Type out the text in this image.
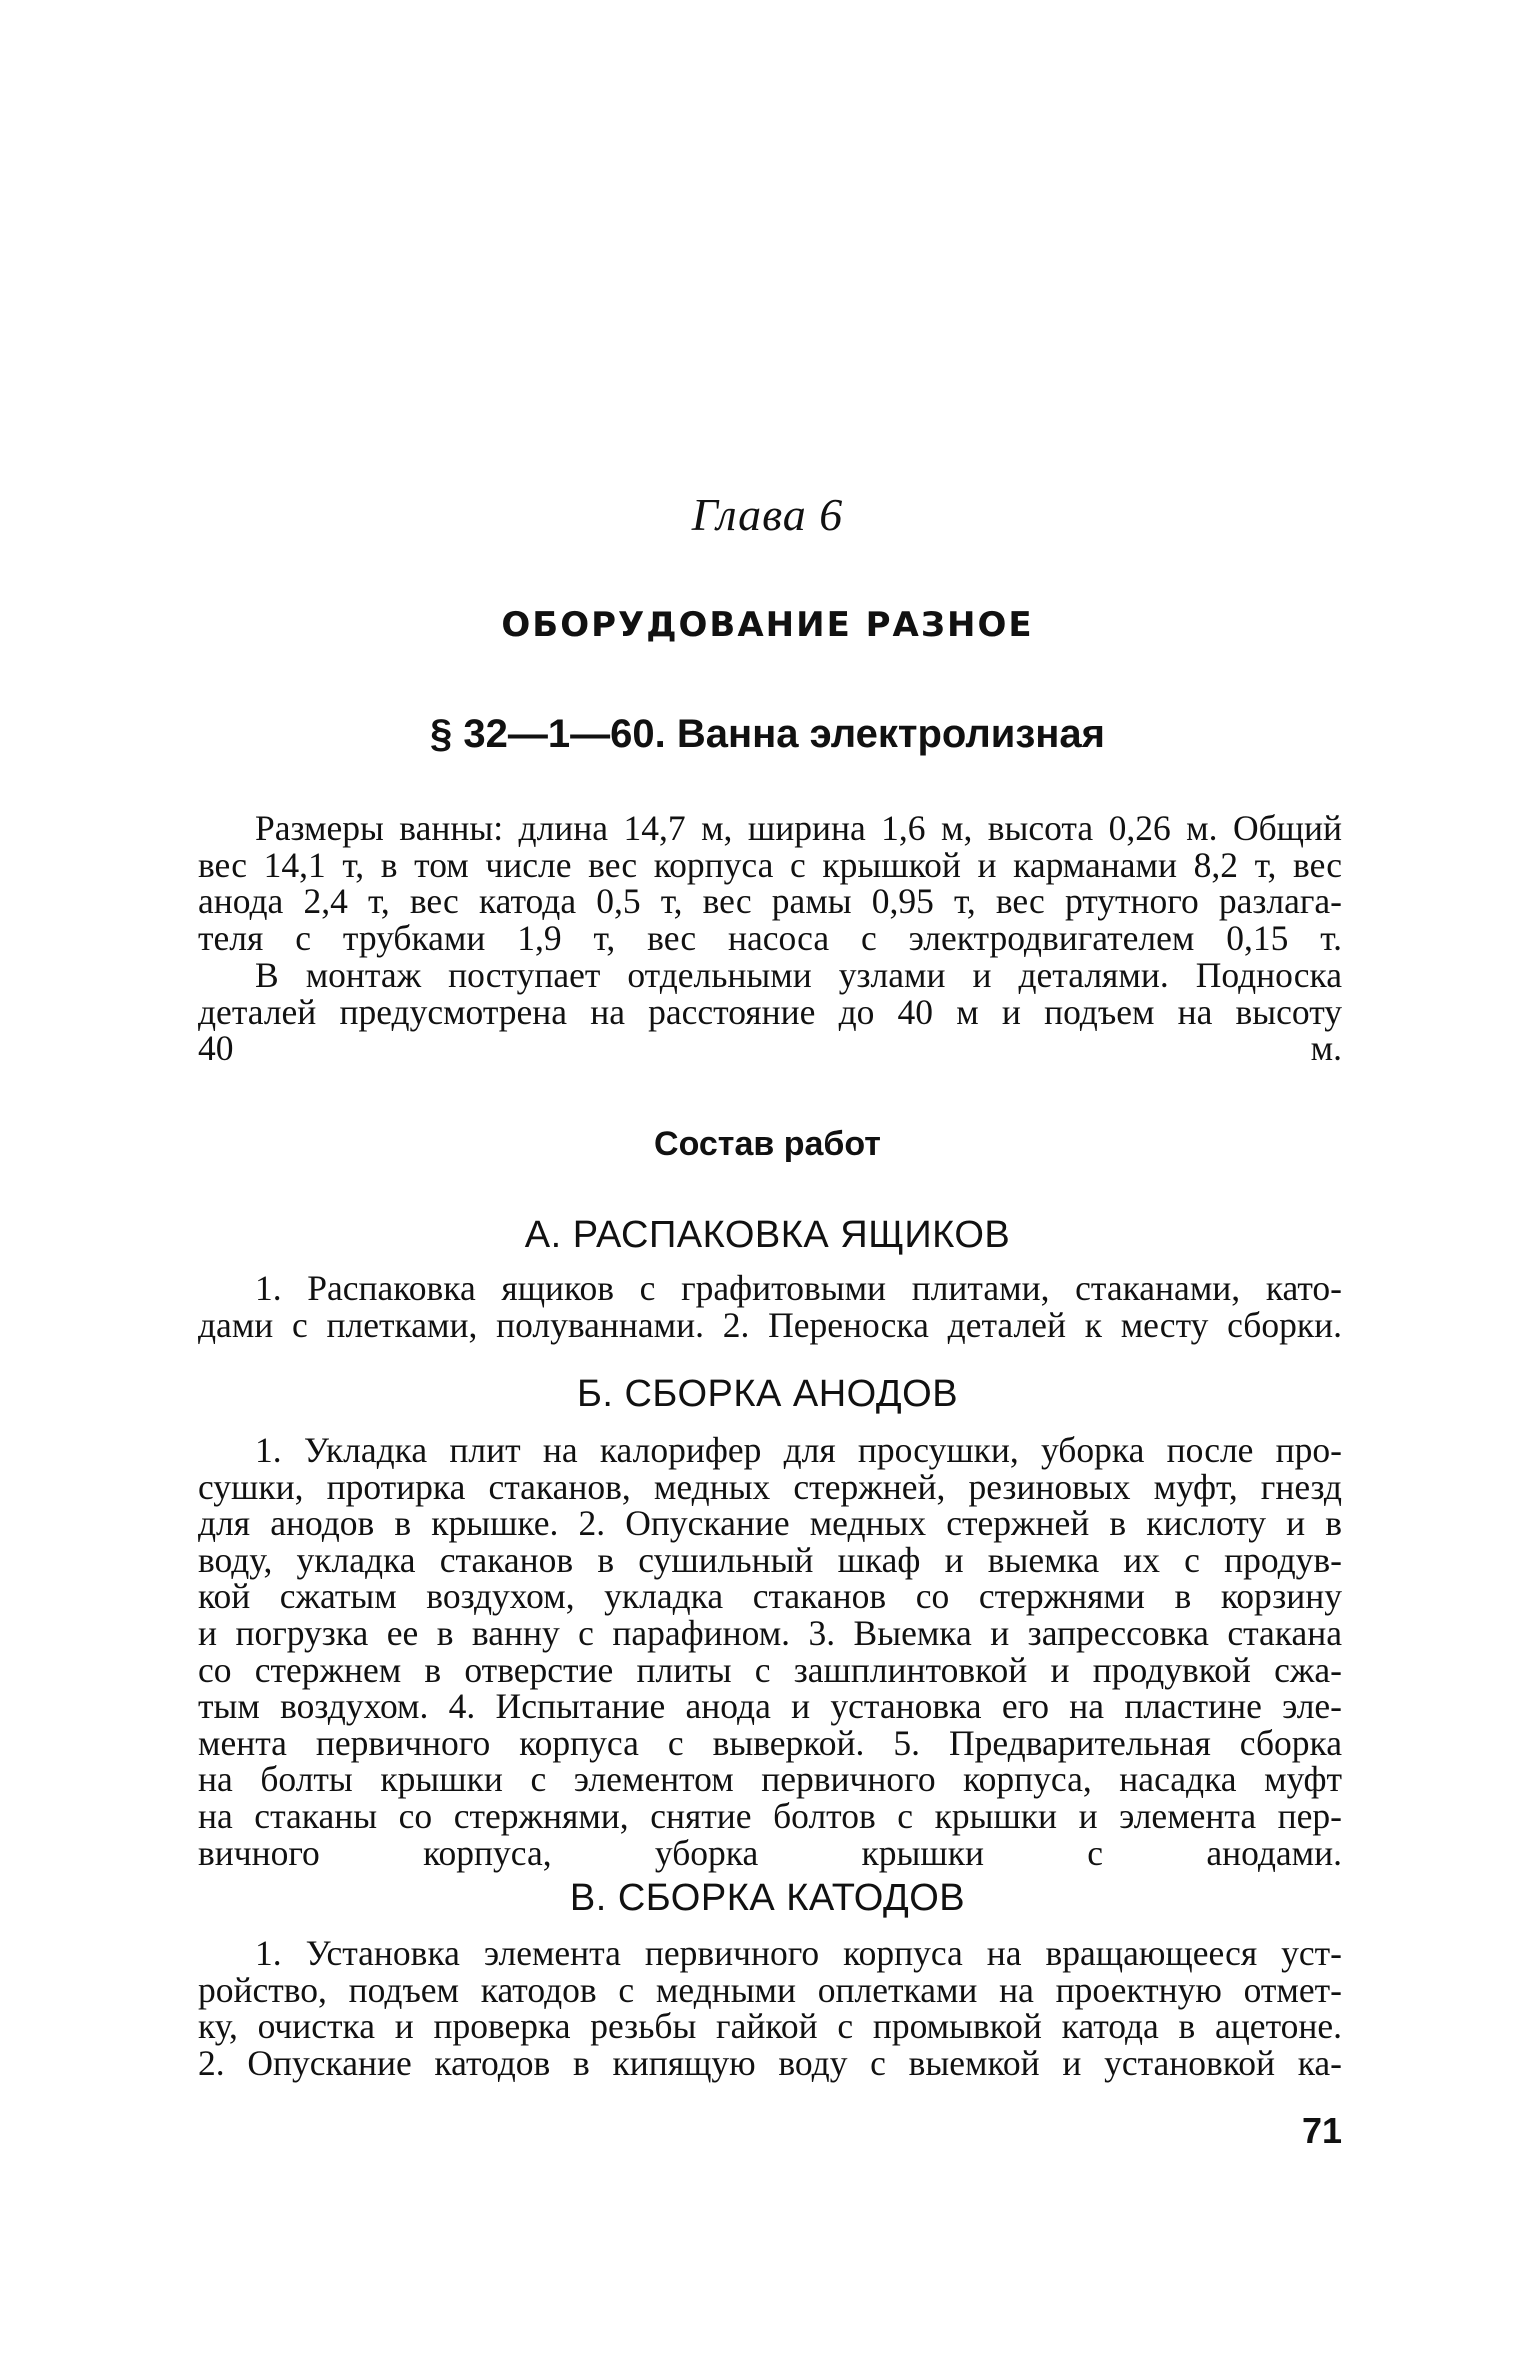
Глава 6
ОБОРУДОВАНИЕ РАЗНОЕ
§ 32—1—60. Ванна электролизная
Размеры ванны: длина 14,7 м, ширина 1,6 м, высота 0,26 м. Общий
вес 14,1 т, в том числе вес корпуса с крышкой и карманами 8,2 т, вес
анода 2,4 т, вес катода 0,5 т, вес рамы 0,95 т, вес ртутного разлага-
теля с трубками 1,9 т, вес насоса с электродвигателем 0,15 т.
В монтаж поступает отдельными узлами и деталями. Подноска
деталей предусмотрена на расстояние до 40 м и подъем на высоту
40 м.
Состав работ
А. РАСПАКОВКА ЯЩИКОВ
1. Распаковка ящиков с графитовыми плитами, стаканами, като-
дами с плетками, полуваннами. 2. Переноска деталей к месту сборки.
Б. СБОРКА АНОДОВ
1. Укладка плит на калорифер для просушки, уборка после про-
сушки, протирка стаканов, медных стержней, резиновых муфт, гнезд
для анодов в крышке. 2. Опускание медных стержней в кислоту и в
воду, укладка стаканов в сушильный шкаф и выемка их с продув-
кой сжатым воздухом, укладка стаканов со стержнями в корзину
и погрузка ее в ванну с парафином. 3. Выемка и запрессовка стакана
со стержнем в отверстие плиты с зашплинтовкой и продувкой сжа-
тым воздухом. 4. Испытание анода и установка его на пластине эле-
мента первичного корпуса с выверкой. 5. Предварительная сборка
на болты крышки с элементом первичного корпуса, насадка муфт
на стаканы со стержнями, снятие болтов с крышки и элемента пер-
вичного корпуса, уборка крышки с анодами.
В. СБОРКА КАТОДОВ
1. Установка элемента первичного корпуса на вращающееся уст-
ройство, подъем катодов с медными оплетками на проектную отмет-
ку, очистка и проверка резьбы гайкой с промывкой катода в ацетоне.
2. Опускание катодов в кипящую воду с выемкой и установкой ка-
71
